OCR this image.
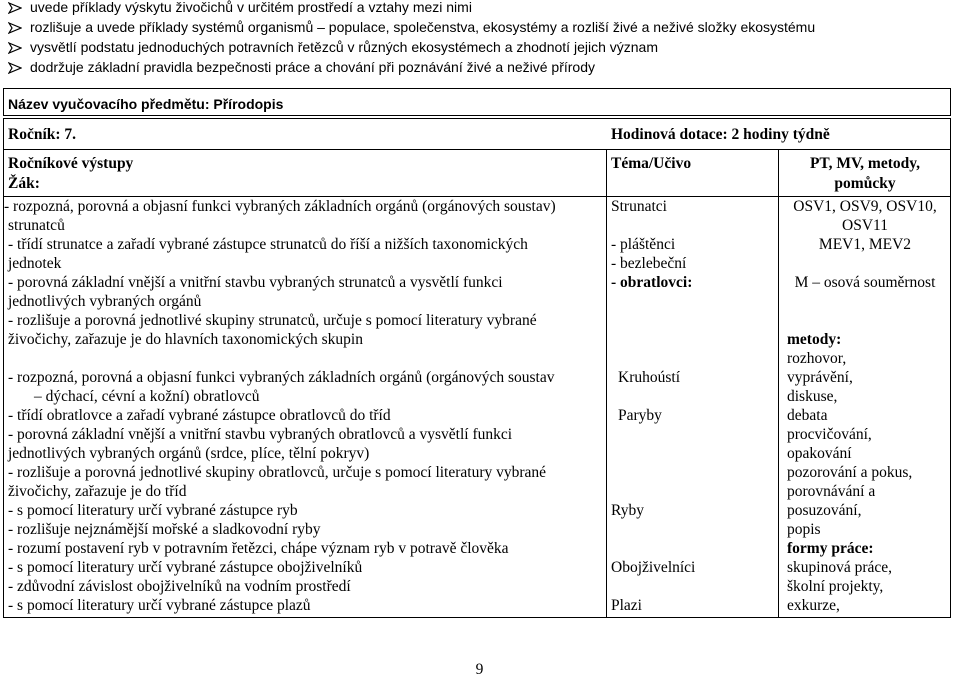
uvede příklady výskytu živočichů v určitém prostředí a vztahy mezi nimi
rozlišuje a uvede příklady systémů organismů – populace, společenstva, ekosystémy a rozliší živé a neživé složky ekosystému
vysvětlí podstatu jednoduchých potravních řetězců v různých ekosystémech a zhodnotí jejich význam
dodržuje základní pravidla bezpečnosti práce a chování při poznávání živé a neživé přírody
Název vyučovacího předmětu: Přírodopis
Ročník: 7.	Hodinová dotace: 2 hodiny týdně
Ročníkové výstupy
Žák:
Téma/Učivo	PT, MV, metody,
pomůcky
- rozpozná, porovná a objasní funkci vybraných základních orgánů (orgánových soustav)
strunatců
- třídí strunatce a zařadí vybrané zástupce strunatců do říší a nižších taxonomických
jednotek
- porovná základní vnější a vnitřní stavbu vybraných strunatců a vysvětlí funkci
jednotlivých vybraných orgánů
- rozlišuje a porovná jednotlivé skupiny strunatců, určuje s pomocí literatury vybrané
živočichy, zařazuje je do hlavních taxonomických skupin
- rozpozná, porovná a objasní funkci vybraných základních orgánů (orgánových soustav
– dýchací, cévní a kožní) obratlovců
- třídí obratlovce a zařadí vybrané zástupce obratlovců do tříd
- porovná základní vnější a vnitřní stavbu vybraných obratlovců a vysvětlí funkci
jednotlivých vybraných orgánů (srdce, plíce, tělní pokryv)
- rozlišuje a porovná jednotlivé skupiny obratlovců, určuje s pomocí literatury vybrané
živočichy, zařazuje je do tříd
- s pomocí literatury určí vybrané zástupce ryb
- rozlišuje nejznámější mořské a sladkovodní ryby
- rozumí postavení ryb v potravním řetězci, chápe význam ryb v potravě člověka
- s pomocí literatury určí vybrané zástupce obojživelníků
- zdůvodní závislost obojživelníků na vodním prostředí
- s pomocí literatury určí vybrané zástupce plazů
Strunatci
- pláštěnci
- bezlebeční
- obratlovci:
Kruhoústí
Paryby
Ryby
Obojživelníci
Plazi
OSV1, OSV9, OSV10,
OSV11
MEV1, MEV2
M – osová souměrnost
metody:
rozhovor,
vyprávění,
diskuse,
debata
procvičování,
opakování
pozorování a pokus,
porovnávání a
posuzování,
popis
formy práce:
skupinová práce,
školní projekty,
exkurze,
9
